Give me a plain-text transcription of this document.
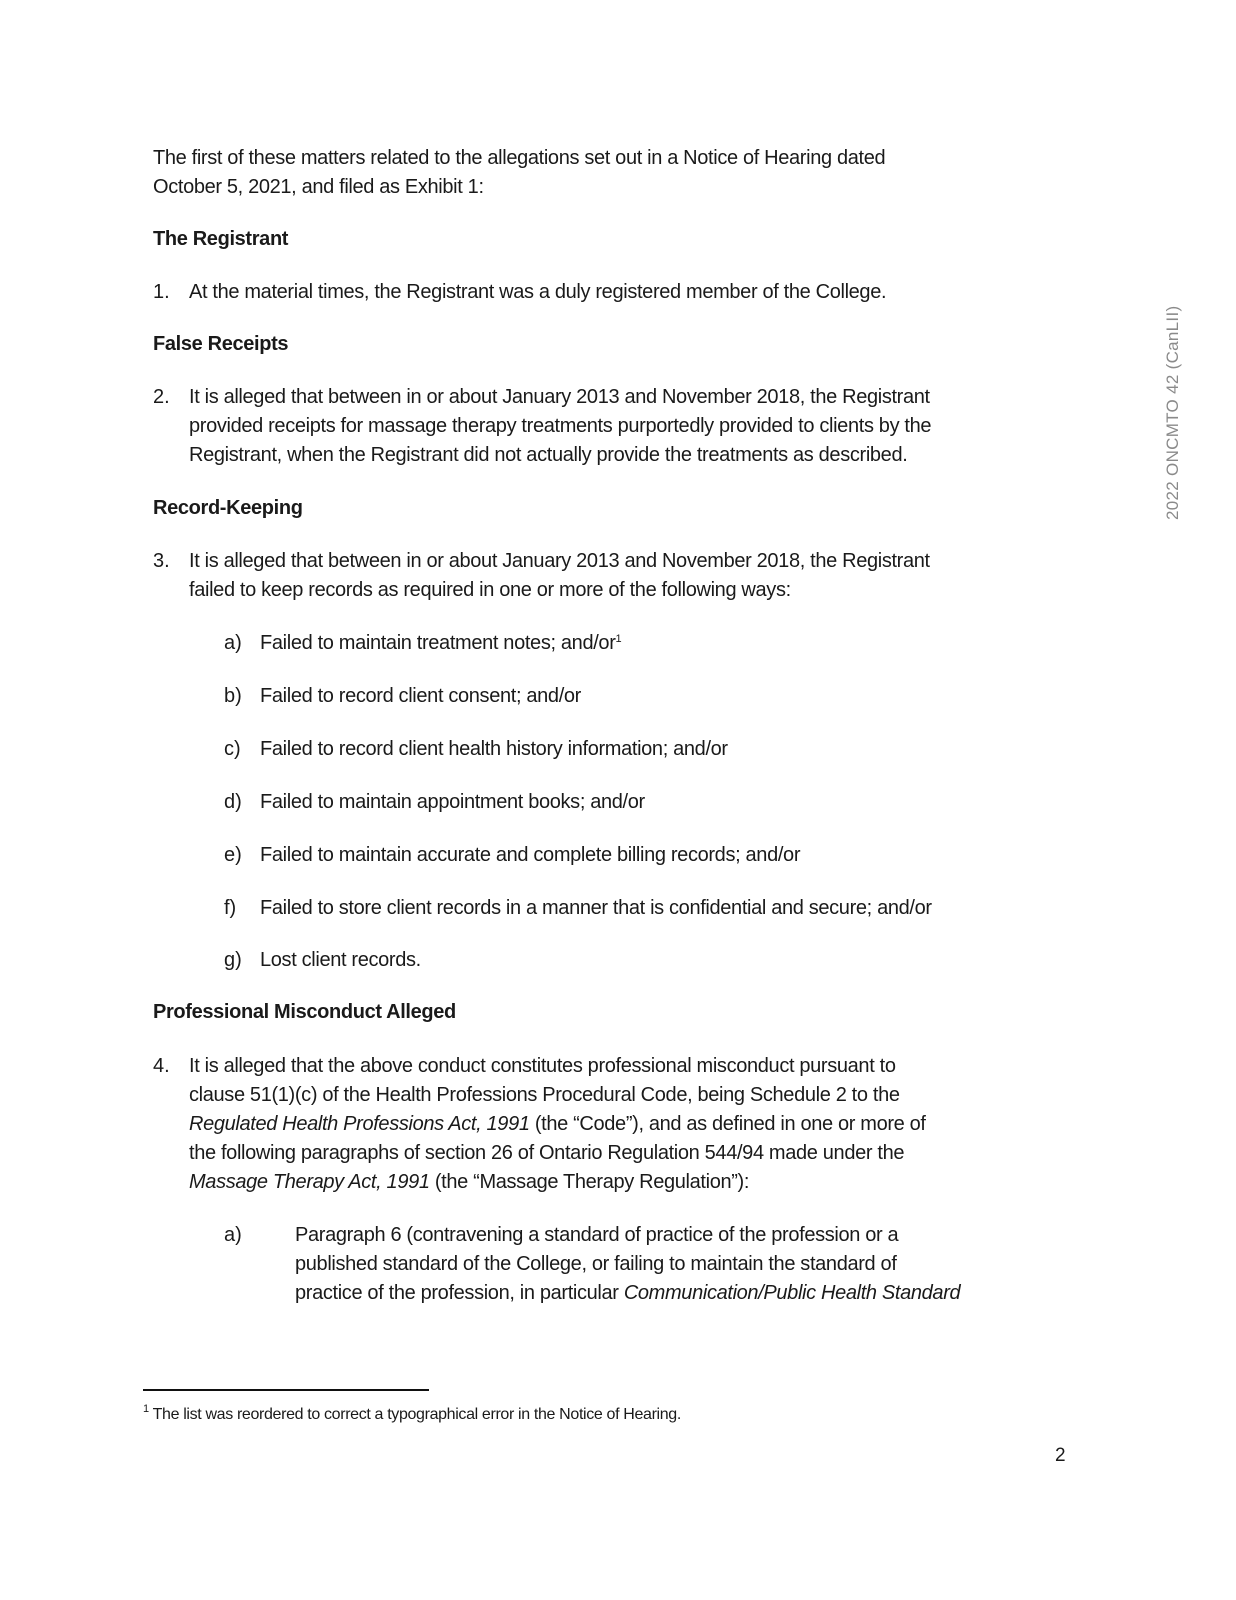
2022 ONCMTO 42 (CanLII)
The first of these matters related to the allegations set out in a Notice of Hearing dated
October 5, 2021, and filed as Exhibit 1:
The Registrant
1. At the material times, the Registrant was a duly registered member of the College.
False Receipts
2. It is alleged that between in or about January 2013 and November 2018, the Registrant
provided receipts for massage therapy treatments purportedly provided to clients by the
Registrant, when the Registrant did not actually provide the treatments as described.
Record-Keeping
3. It is alleged that between in or about January 2013 and November 2018, the Registrant
failed to keep records as required in one or more of the following ways:
a) Failed to maintain treatment notes; and/$or^1$
b) Failed to record client consent; and/or
c) Failed to record client health history information; and/or
d) Failed to maintain appointment books; and/or
e) Failed to maintain accurate and complete billing records; and/or
f) Failed to store client records in a manner that is confidential and secure; and/or
g) Lost client records.
Professional Misconduct Alleged
4. It is alleged that the above conduct constitutes professional misconduct pursuant to
clause 51(1)(c) of the Health Professions Procedural Code, being Schedule 2 to the
Regulated Health Professions Act, 1991 (the “Code”), and as defined in one or more of
the following paragraphs of section 26 of Ontario Regulation 544/94 made under the
Massage Therapy Act, 1991 (the “Massage Therapy Regulation”):
a)	Paragraph 6 (contravening a standard of practice of the profession or a
published standard of the College, or failing to maintain the standard of
practice of the profession, in particular Communication/Public Health Standard
$^1$ The list was reordered to correct a typographical error in the Notice of Hearing.
2
